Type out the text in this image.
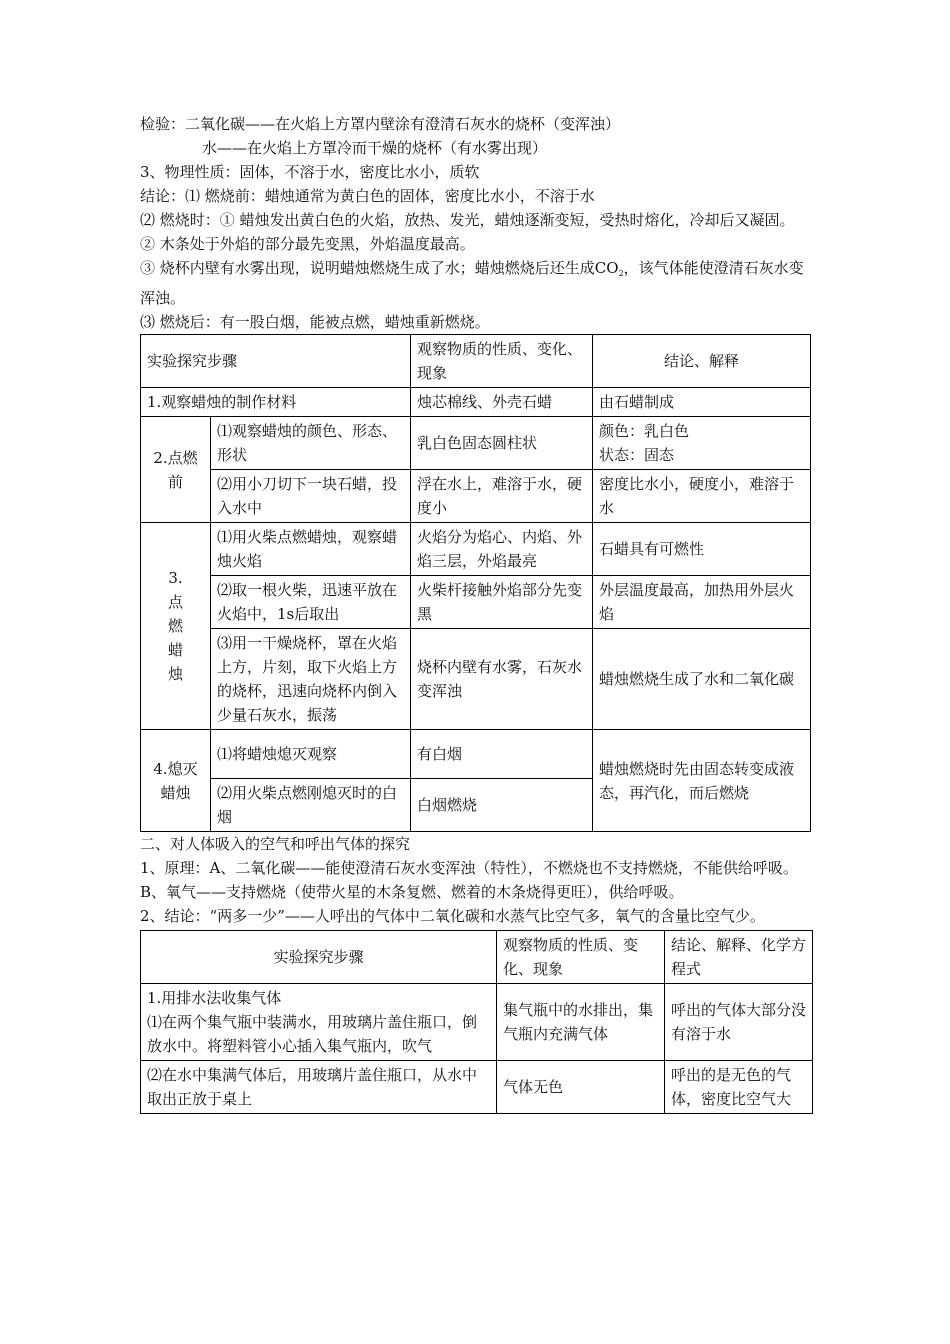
检验：二氧化碳——在火焰上方罩内壁涂有澄清石灰水的烧杯（变浑浊）

水——在火焰上方罩冷而干燥的烧杯（有水雾出现）

3、物理性质：固体，不溶于水，密度比水小，质软

结论：⑴ 燃烧前：蜡烛通常为黄白色的固体，密度比水小，不溶于水

⑵ 燃烧时：① 蜡烛发出黄白色的火焰，放热、发光，蜡烛逐渐变短，受热时熔化，冷却后又凝固。

② 木条处于外焰的部分最先变黑，外焰温度最高。

③ 烧杯内壁有水雾出现，说明蜡烛燃烧生成了水；蜡烛燃烧后还生成$CO_2$，该气体能使澄清石灰水变浑浊。

⑶ 燃烧后：有一股白烟，能被点燃，蜡烛重新燃烧。

实验探究步骤		观察物质的性质、变化、现象	结论、解释
1.观察蜡烛的制作材料		烛芯棉线、外壳石蜡	由石蜡制成
2.点燃前	⑴观察蜡烛的颜色、形态、形状	乳白色固态圆柱状	颜色：乳白色
状态：固态
	⑵用小刀切下一块石蜡，投入水中	浮在水上，难溶于水，硬度小	密度比水小，硬度小，难溶于水
3.点燃蜡烛	⑴用火柴点燃蜡烛，观察蜡烛火焰	火焰分为焰心、内焰、外焰三层，外焰最亮	石蜡具有可燃性
	⑵取一根火柴，迅速平放在火焰中，1s后取出	火柴杆接触外焰部分先变黑	外层温度最高，加热用外层火焰
	⑶用一干燥烧杯，罩在火焰上方，片刻，取下火焰上方的烧杯，迅速向烧杯内倒入少量石灰水，振荡	烧杯内壁有水雾，石灰水变浑浊	蜡烛燃烧生成了水和二氧化碳
4.熄灭蜡烛	⑴将蜡烛熄灭观察	有白烟	蜡烛燃烧时先由固态转变成液态，再汽化，而后燃烧
	⑵用火柴点燃刚熄灭时的白烟	白烟燃烧	

二、对人体吸入的空气和呼出气体的探究

1、原理：A、二氧化碳——能使澄清石灰水变浑浊（特性），不燃烧也不支持燃烧，不能供给呼吸。B、氧气——支持燃烧（使带火星的木条复燃、燃着的木条烧得更旺），供给呼吸。

2、结论：“两多一少”——人呼出的气体中二氧化碳和水蒸气比空气多，氧气的含量比空气少。

实验探究步骤	观察物质的性质、变化、现象	结论、解释、化学方程式
1.用排水法收集气体
⑴在两个集气瓶中装满水，用玻璃片盖住瓶口，倒放水中。将塑料管小心插入集气瓶内，吹气	集气瓶中的水排出，集气瓶内充满气体	呼出的气体大部分没有溶于水
⑵在水中集满气体后，用玻璃片盖住瓶口，从水中取出正放于桌上	气体无色	呼出的是无色的气体，密度比空气大
